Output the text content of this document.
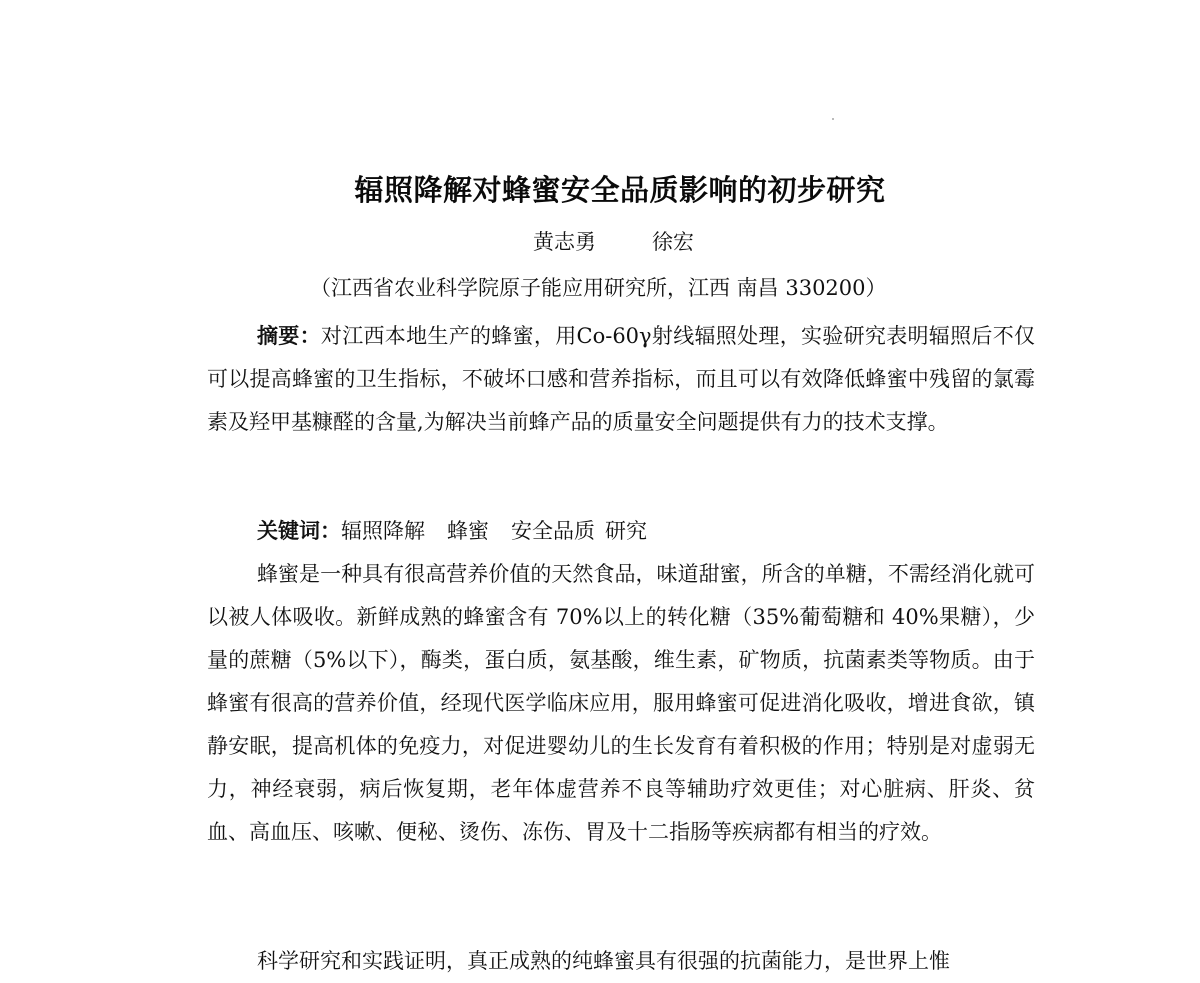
辐照降解对蜂蜜安全品质影响的初步研究
黄志勇	徐宏
（江西省农业科学院原子能应用研究所，江西 南昌 330200）

摘要：对江西本地生产的蜂蜜，用Co-60γ射线辐照处理，实验研究表明辐照后不仅可以提高蜂蜜的卫生指标，不破坏口感和营养指标，而且可以有效降低蜂蜜中残留的氯霉素及羟甲基糠醛的含量,为解决当前蜂产品的质量安全问题提供有力的技术支撑。

关键词：辐照降解 蜂蜜 安全品质 研究

蜂蜜是一种具有很高营养价值的天然食品，味道甜蜜，所含的单糖，不需经消化就可以被人体吸收。新鲜成熟的蜂蜜含有 70%以上的转化糖（35%葡萄糖和 40%果糖），少量的蔗糖（5%以下），酶类，蛋白质，氨基酸，维生素，矿物质，抗菌素类等物质。由于蜂蜜有很高的营养价值，经现代医学临床应用，服用蜂蜜可促进消化吸收，增进食欲，镇静安眠，提高机体的免疫力，对促进婴幼儿的生长发育有着积极的作用；特别是对虚弱无力，神经衰弱，病后恢复期，老年体虚营养不良等辅助疗效更佳；对心脏病、肝炎、贫血、高血压、咳嗽、便秘、烫伤、冻伤、胃及十二指肠等疾病都有相当的疗效。

科学研究和实践证明，真正成熟的纯蜂蜜具有很强的抗菌能力，是世界上惟
